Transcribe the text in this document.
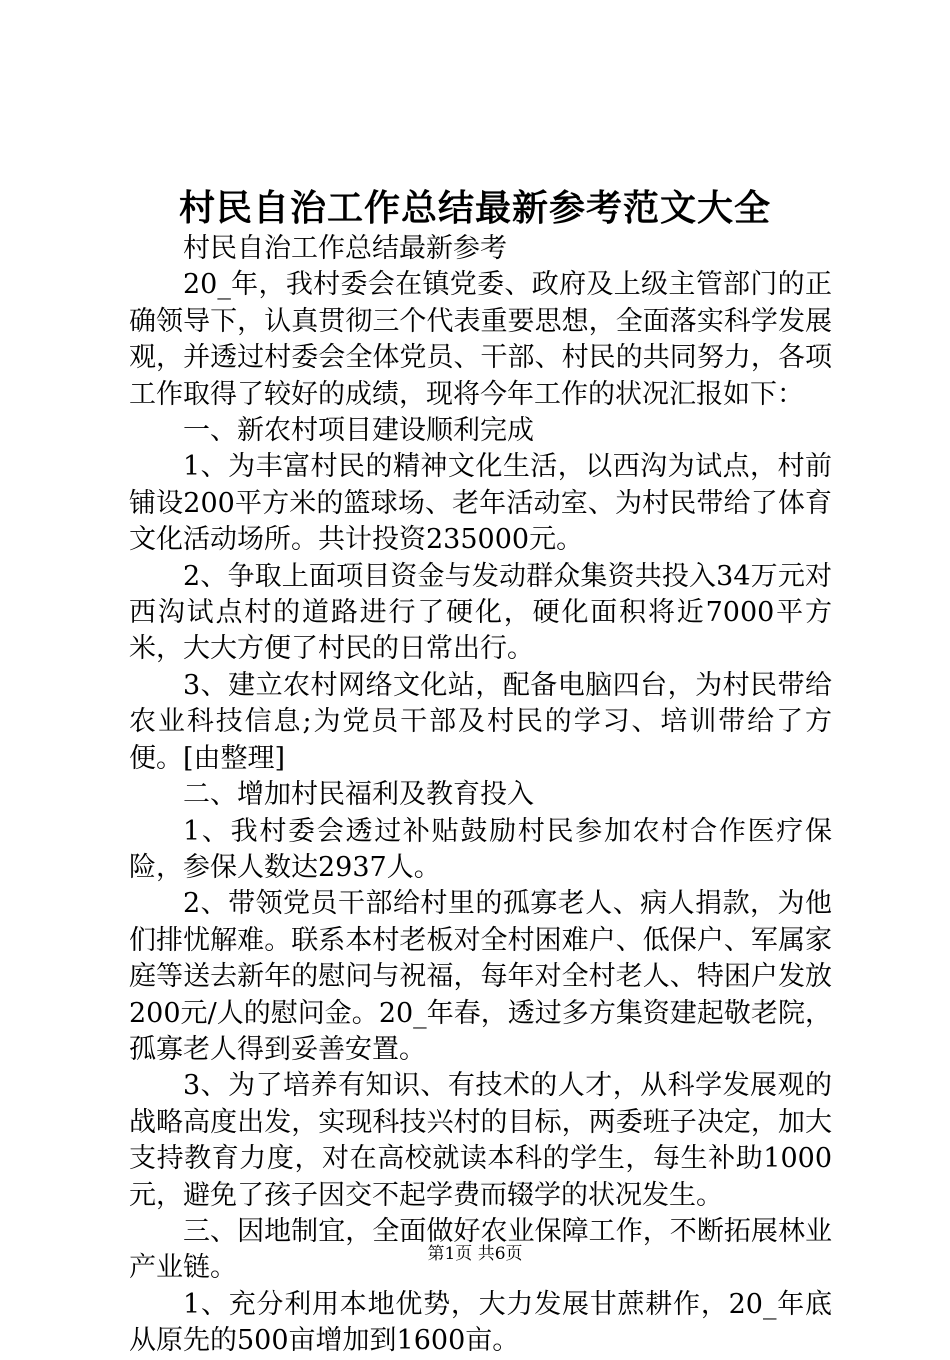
村民自治工作总结最新参考范文大全

村民自治工作总结最新参考

20_年，我村委会在镇党委、政府及上级主管部门的正确领导下，认真贯彻三个代表重要思想，全面落实科学发展观，并透过村委会全体党员、干部、村民的共同努力，各项工作取得了较好的成绩，现将今年工作的状况汇报如下：

一、新农村项目建设顺利完成

1、为丰富村民的精神文化生活，以西沟为试点，村前铺设200平方米的篮球场、老年活动室、为村民带给了体育文化活动场所。共计投资235000元。

2、争取上面项目资金与发动群众集资共投入34万元对西沟试点村的道路进行了硬化，硬化面积将近7000平方米，大大方便了村民的日常出行。

3、建立农村网络文化站，配备电脑四台，为村民带给农业科技信息;为党员干部及村民的学习、培训带给了方便。[由整理]

二、增加村民福利及教育投入

1、我村委会透过补贴鼓励村民参加农村合作医疗保险，参保人数达2937人。

2、带领党员干部给村里的孤寡老人、病人捐款，为他们排忧解难。联系本村老板对全村困难户、低保户、军属家庭等送去新年的慰问与祝福，每年对全村老人、特困户发放200元/人的慰问金。20_年春，透过多方集资建起敬老院，孤寡老人得到妥善安置。

3、为了培养有知识、有技术的人才，从科学发展观的战略高度出发，实现科技兴村的目标，两委班子决定，加大支持教育力度，对在高校就读本科的学生，每生补助1000元，避免了孩子因交不起学费而辍学的状况发生。

三、因地制宜，全面做好农业保障工作，不断拓展林业产业链。

1、充分利用本地优势，大力发展甘蔗耕作，20_年底从原先的500亩增加到1600亩。

第1页 共6页
